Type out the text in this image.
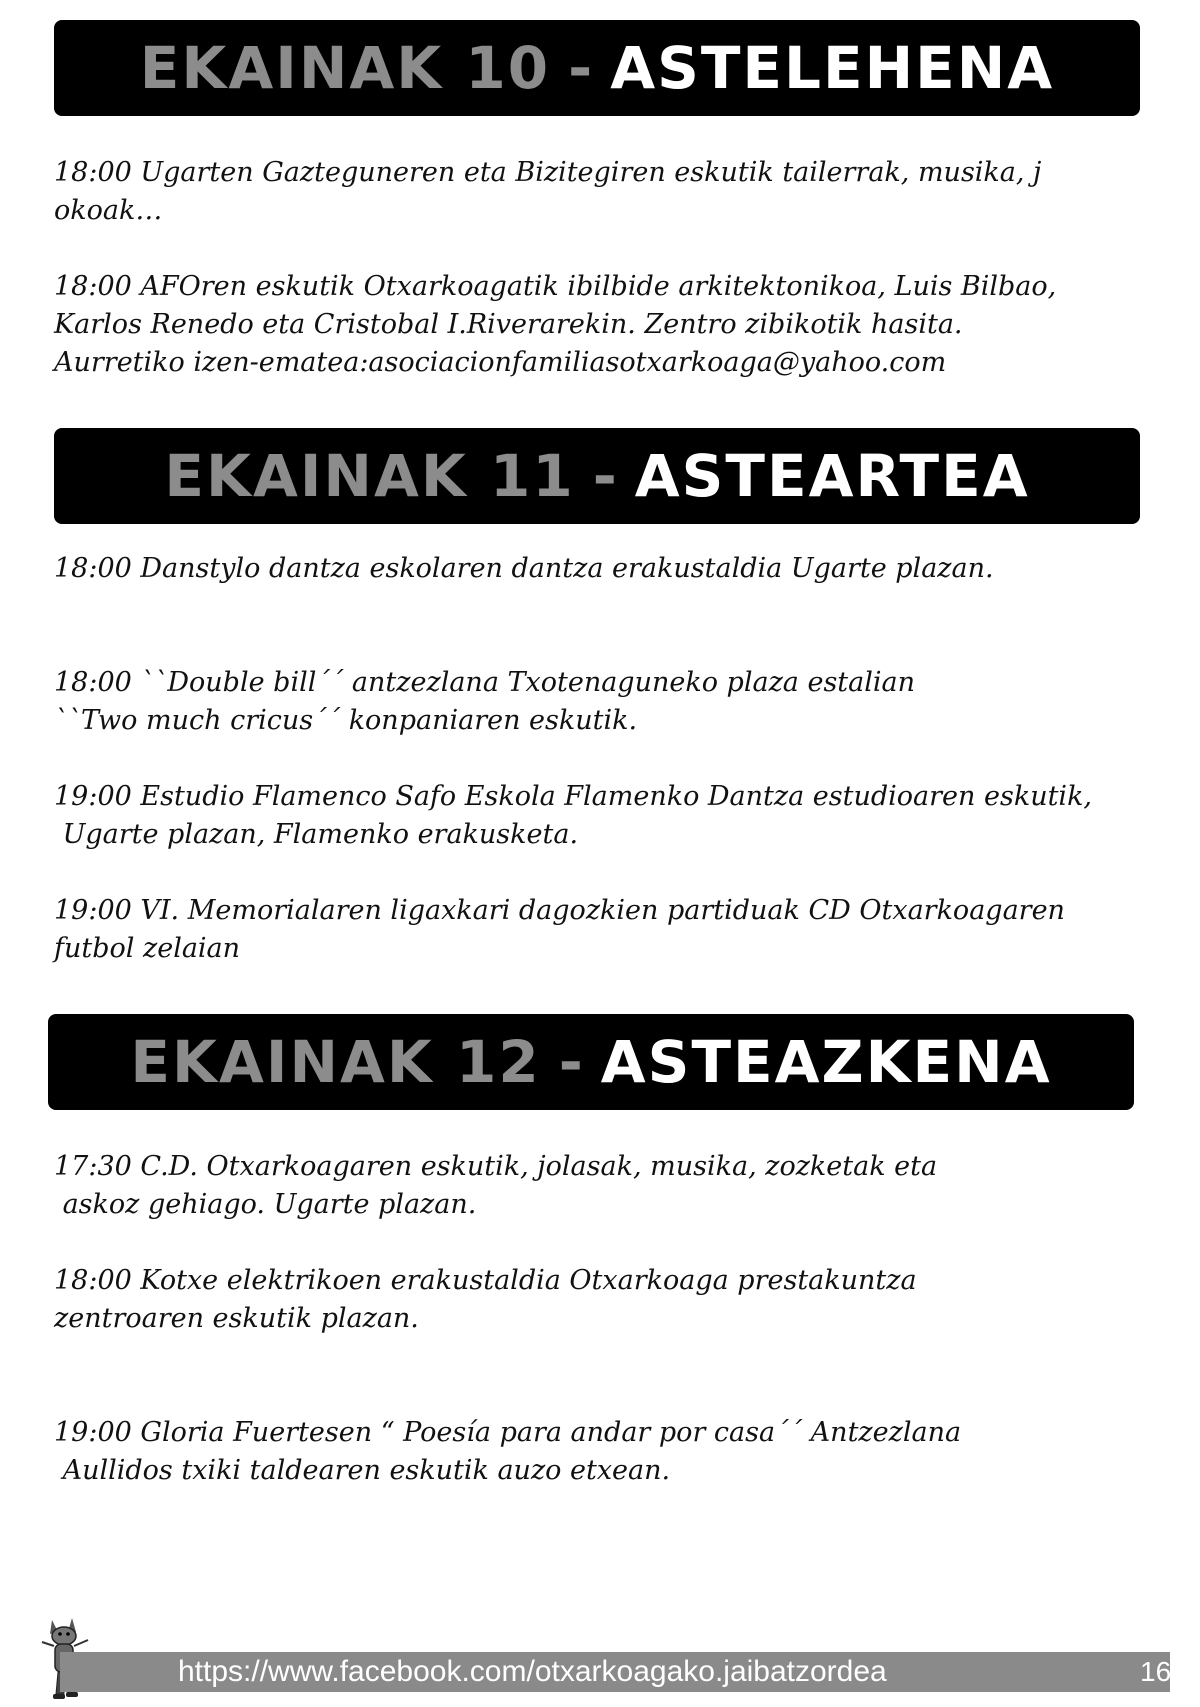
EKAINAK 10 - ASTELEHENA

18:00 Ugarten Gazteguneren eta Bizitegiren eskutik tailerrak, musika, j
okoak…

18:00 AFOren eskutik Otxarkoagatik ibilbide arkitektonikoa, Luis Bilbao,
Karlos Renedo eta Cristobal I.Riverarekin. Zentro zibikotik hasita.
Aurretiko izen-ematea:asociacionfamiliasotxarkoaga@yahoo.com

EKAINAK 11 - ASTEARTEA

18:00 Danstylo dantza eskolaren dantza erakustaldia Ugarte plazan.

18:00 ``Double bill´´ antzezlana Txotenaguneko plaza estalian
``Two much cricus´´ konpaniaren eskutik.

19:00 Estudio Flamenco Safo Eskola Flamenko Dantza estudioaren eskutik,
Ugarte plazan, Flamenko erakusketa.

19:00 VI. Memorialaren ligaxkari dagozkien partiduak CD Otxarkoagaren
futbol zelaian

EKAINAK 12 - ASTEAZKENA

17:30 C.D. Otxarkoagaren eskutik, jolasak, musika, zozketak eta
askoz gehiago. Ugarte plazan.

18:00 Kotxe elektrikoen erakustaldia Otxarkoaga prestakuntza
zentroaren eskutik plazan.

19:00 Gloria Fuertesen “ Poesía para andar por casa´´ Antzezlana
Aullidos txiki taldearen eskutik auzo etxean.

https://www.facebook.com/otxarkoagako.jaibatzordea	16
